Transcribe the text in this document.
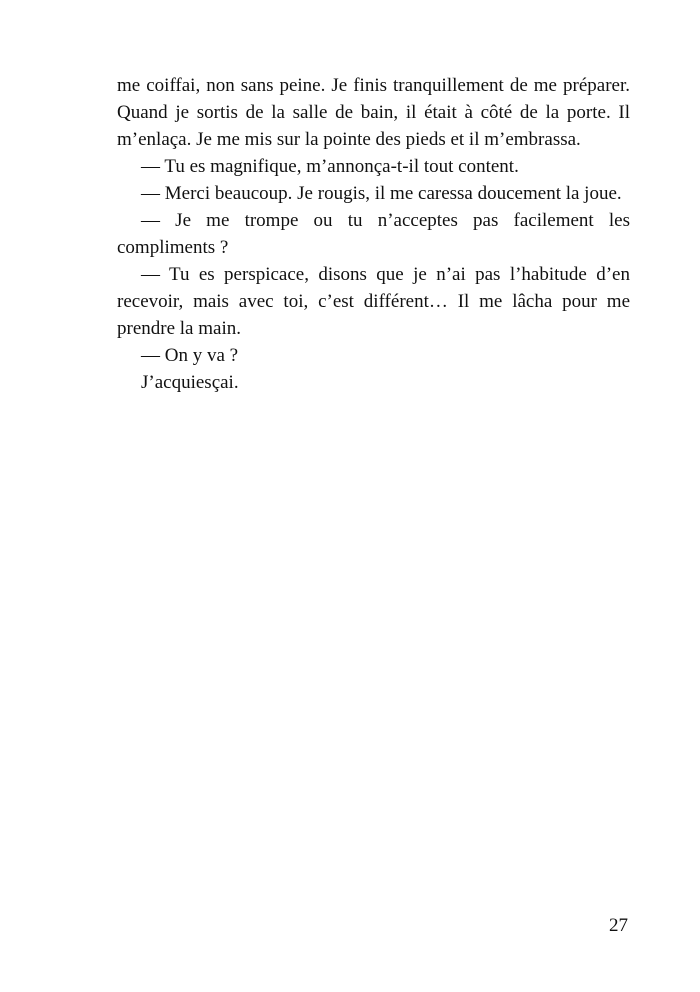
me coiffai, non sans peine. Je finis tranquillement de me préparer. Quand je sortis de la salle de bain, il était à côté de la porte. Il m’enlaça. Je me mis sur la pointe des pieds et il m’embrassa.

— Tu es magnifique, m’annonça-t-il tout content.

— Merci beaucoup. Je rougis, il me caressa doucement la joue.

— Je me trompe ou tu n’acceptes pas facilement les compliments ?

— Tu es perspicace, disons que je n’ai pas l’habitude d’en recevoir, mais avec toi, c’est différent… Il me lâcha pour me prendre la main.

— On y va ?

J’acquiesçai.

27
